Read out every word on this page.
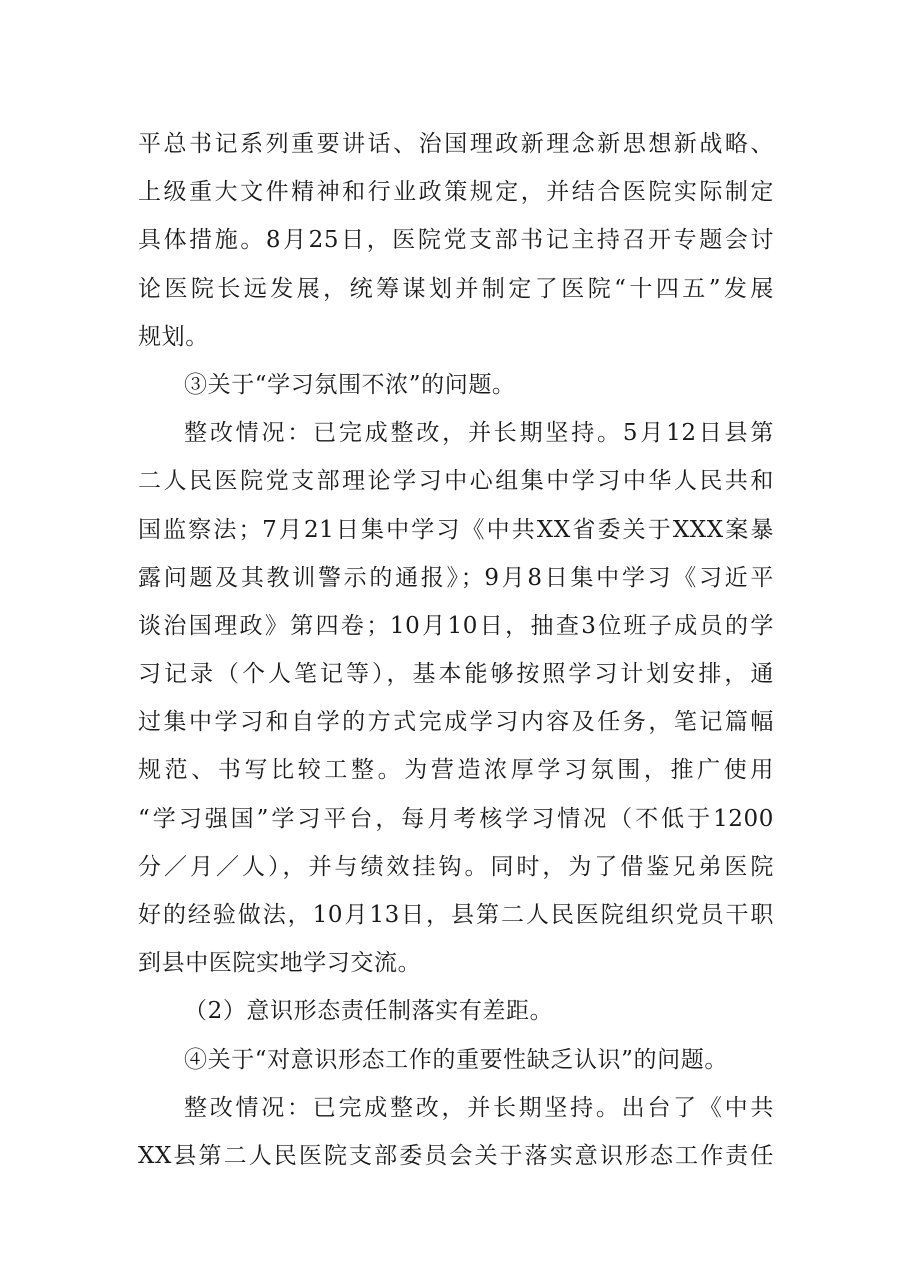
平总书记系列重要讲话、治国理政新理念新思想新战略、
上级重大文件精神和行业政策规定，并结合医院实际制定
具体措施。8月25日，医院党支部书记主持召开专题会讨
论医院长远发展，统筹谋划并制定了医院“十四五”发展
规划。
③关于“学习氛围不浓”的问题。
整改情况：已完成整改，并长期坚持。5月12日县第
二人民医院党支部理论学习中心组集中学习中华人民共和
国监察法；7月21日集中学习《中共XX省委关于XXX案暴
露问题及其教训警示的通报》；9月8日集中学习《习近平
谈治国理政》第四卷；10月10日，抽查3位班子成员的学
习记录（个人笔记等），基本能够按照学习计划安排，通
过集中学习和自学的方式完成学习内容及任务，笔记篇幅
规范、书写比较工整。为营造浓厚学习氛围，推广使用
“学习强国”学习平台，每月考核学习情况（不低于1200
分／月／人），并与绩效挂钩。同时，为了借鉴兄弟医院
好的经验做法，10月13日，县第二人民医院组织党员干职
到县中医院实地学习交流。
（2）意识形态责任制落实有差距。
④关于“对意识形态工作的重要性缺乏认识”的问题。
整改情况：已完成整改，并长期坚持。出台了《中共
XX县第二人民医院支部委员会关于落实意识形态工作责任
